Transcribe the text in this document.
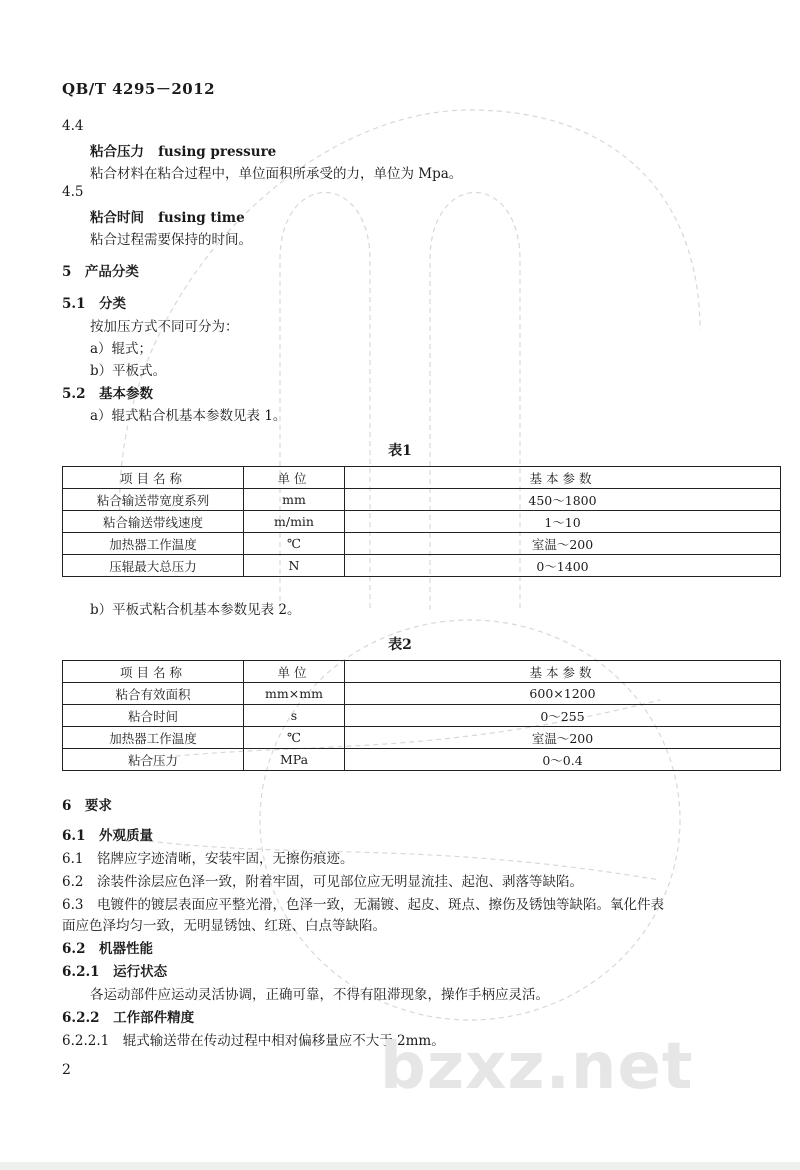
QB/T 4295－2012
4.4
粘合压力 fusing pressure
粘合材料在粘合过程中，单位面积所承受的力，单位为 Mpa。
4.5
粘合时间 fusing time
粘合过程需要保持的时间。
5　产品分类
5.1　分类
按加压方式不同可分为：
a）辊式；
b）平板式。
5.2　基本参数
a）辊式粘合机基本参数见表 1。
表1
项目名称	单位	基本参数
粘合输送带宽度系列	mm	450～1800
粘合输送带线速度	m/min	1～10
加热器工作温度	℃	室温～200
压辊最大总压力	N	0～1400
b）平板式粘合机基本参数见表 2。
表2
项目名称	单位	基本参数
粘合有效面积	mm×mm	600×1200
粘合时间	s	0～255
加热器工作温度	℃	室温～200
粘合压力	MPa	0～0.4
6　要求
6.1　外观质量
6.1　铭牌应字迹清晰，安装牢固，无擦伤痕迹。
6.2　涂装件涂层应色泽一致，附着牢固，可见部位应无明显流挂、起泡、剥落等缺陷。
6.3　电镀件的镀层表面应平整光滑，色泽一致，无漏镀、起皮、斑点、擦伤及锈蚀等缺陷。氧化件表
面应色泽均匀一致，无明显锈蚀、红斑、白点等缺陷。
6.2　机器性能
6.2.1　运行状态
各运动部件应运动灵活协调，正确可靠，不得有阻滞现象，操作手柄应灵活。
6.2.2　工作部件精度
6.2.2.1　辊式输送带在传动过程中相对偏移量应不大于 2mm。
2	bzxz.net
